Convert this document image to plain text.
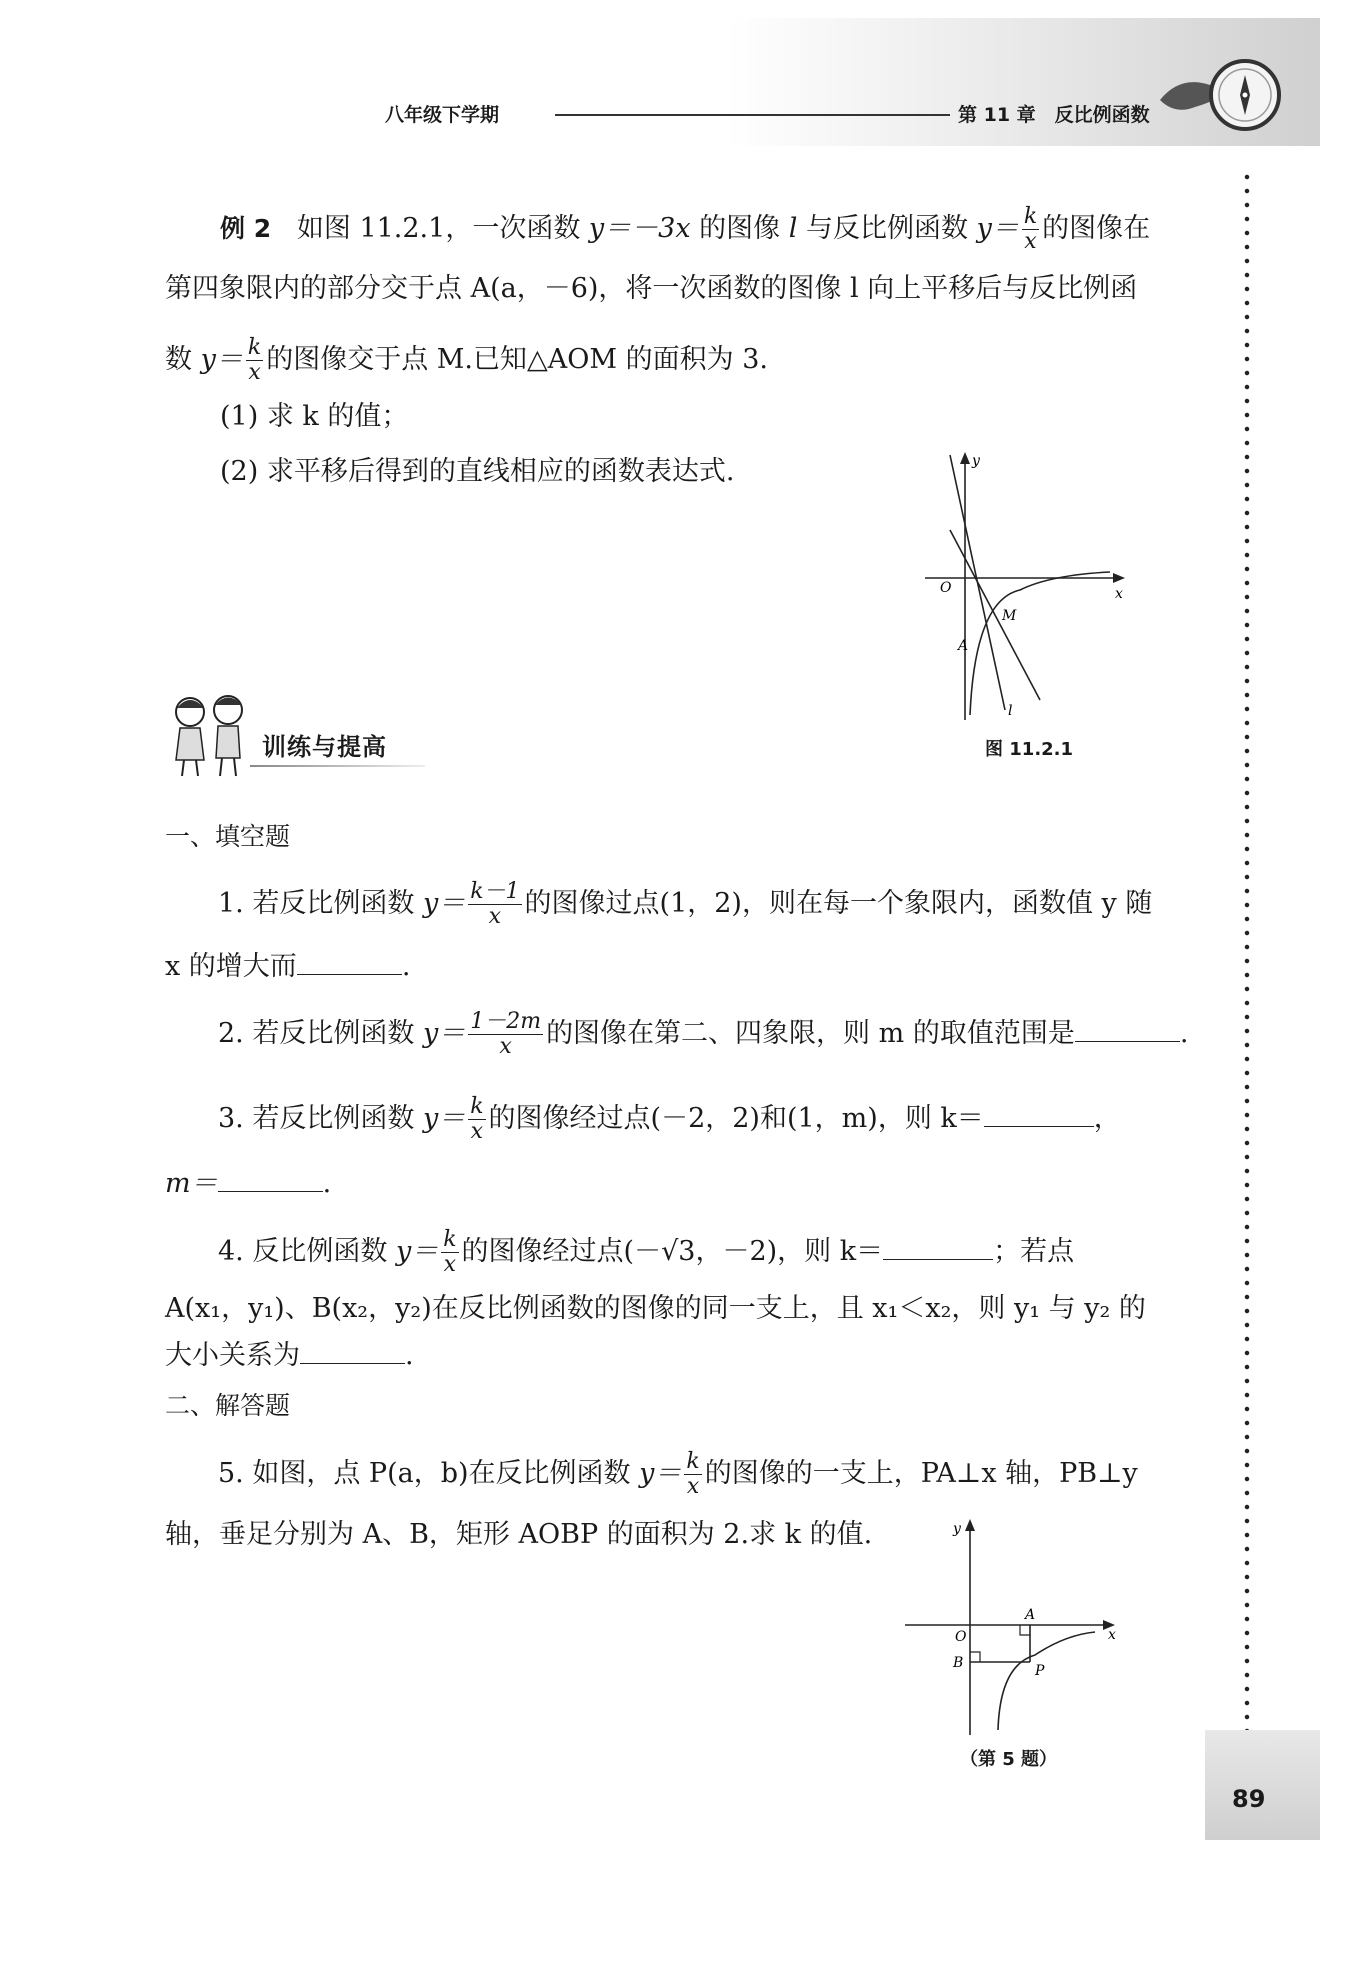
八年级下学期	第 11 章　反比例函数
例 2 如图 11.2.1，一次函数 y＝－3x 的图像 l 与反比例函数 $y= \frac{k}{x}$ 的图像在
第四象限内的部分交于点 A(a，－6)，将一次函数的图像 l 向上平移后与反比例函
数 $y= \frac{k}{x}$ 的图像交于点 M.已知△AOM 的面积为 3.
(1) 求 k 的值；
(2) 求平移后得到的直线相应的函数表达式.	y
x
O
M
A
l
图 11.2.1
训练与提高
一、填空题
1. 若反比例函数 $y= \frac{k-1}{x}$ 的图像过点(1，2)，则在每一个象限内，函数值 y 随
x 的增大而	.
2. 若反比例函数 $y= \frac{1-2m}{x}$ 的图像在第二、四象限，则 m 的取值范围是	.
3. 若反比例函数 $y= \frac{k}{x}$ 的图像经过点(－2，2)和(1，m)，则 k＝	，
m＝	.
4. 反比例函数 $y= \frac{k}{x}$ 的图像经过点(－√3，－2)，则 k＝	；若点
A(x₁，y₁)、B(x₂，y₂)在反比例函数的图像的同一支上，且 x₁＜x₂，则 y₁ 与 y₂ 的
大小关系为	.
二、解答题
5. 如图，点 P(a，b)在反比例函数 $y= \frac{k}{x}$ 的图像的一支上，PA⊥x 轴，PB⊥y
轴，垂足分别为 A、B，矩形 AOBP 的面积为 2.求 k 的值.	y
x
O
A
B	P
（第 5 题）
89
